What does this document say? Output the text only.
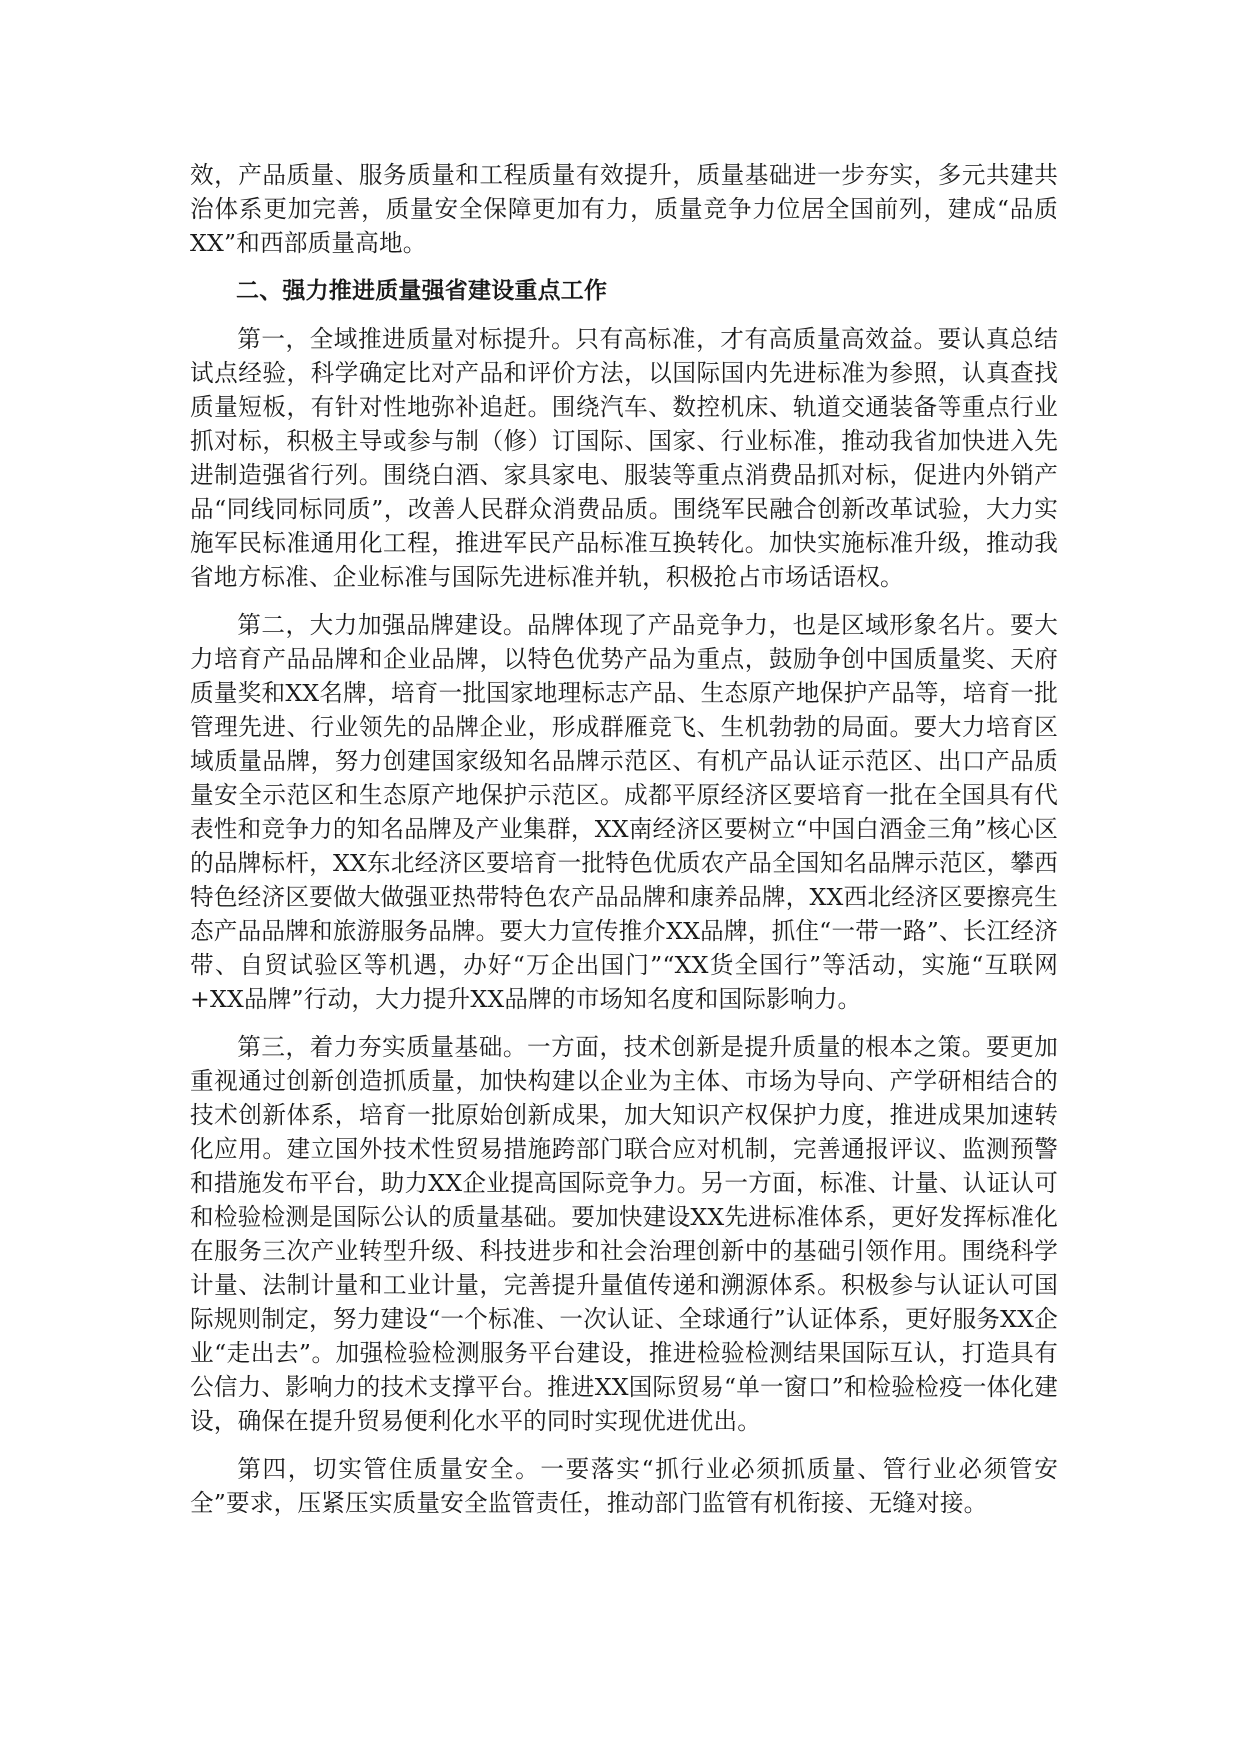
效，产品质量、服务质量和工程质量有效提升，质量基础进一步夯实，多元共建共治体系更加完善，质量安全保障更加有力，质量竞争力位居全国前列，建成“品质XX”和西部质量高地。

二、强力推进质量强省建设重点工作

第一，全域推进质量对标提升。只有高标准，才有高质量高效益。要认真总结试点经验，科学确定比对产品和评价方法，以国际国内先进标准为参照，认真查找质量短板，有针对性地弥补追赶。围绕汽车、数控机床、轨道交通装备等重点行业抓对标，积极主导或参与制（修）订国际、国家、行业标准，推动我省加快进入先进制造强省行列。围绕白酒、家具家电、服装等重点消费品抓对标，促进内外销产品“同线同标同质”，改善人民群众消费品质。围绕军民融合创新改革试验，大力实施军民标准通用化工程，推进军民产品标准互换转化。加快实施标准升级，推动我省地方标准、企业标准与国际先进标准并轨，积极抢占市场话语权。

第二，大力加强品牌建设。品牌体现了产品竞争力，也是区域形象名片。要大力培育产品品牌和企业品牌，以特色优势产品为重点，鼓励争创中国质量奖、天府质量奖和XX名牌，培育一批国家地理标志产品、生态原产地保护产品等，培育一批管理先进、行业领先的品牌企业，形成群雁竞飞、生机勃勃的局面。要大力培育区域质量品牌，努力创建国家级知名品牌示范区、有机产品认证示范区、出口产品质量安全示范区和生态原产地保护示范区。成都平原经济区要培育一批在全国具有代表性和竞争力的知名品牌及产业集群，XX南经济区要树立“中国白酒金三角”核心区的品牌标杆，XX东北经济区要培育一批特色优质农产品全国知名品牌示范区，攀西特色经济区要做大做强亚热带特色农产品品牌和康养品牌，XX西北经济区要擦亮生态产品品牌和旅游服务品牌。要大力宣传推介XX品牌，抓住“一带一路”、长江经济带、自贸试验区等机遇，办好“万企出国门”“XX货全国行”等活动，实施“互联网+XX品牌”行动，大力提升XX品牌的市场知名度和国际影响力。

第三，着力夯实质量基础。一方面，技术创新是提升质量的根本之策。要更加重视通过创新创造抓质量，加快构建以企业为主体、市场为导向、产学研相结合的技术创新体系，培育一批原始创新成果，加大知识产权保护力度，推进成果加速转化应用。建立国外技术性贸易措施跨部门联合应对机制，完善通报评议、监测预警和措施发布平台，助力XX企业提高国际竞争力。另一方面，标准、计量、认证认可和检验检测是国际公认的质量基础。要加快建设XX先进标准体系，更好发挥标准化在服务三次产业转型升级、科技进步和社会治理创新中的基础引领作用。围绕科学计量、法制计量和工业计量，完善提升量值传递和溯源体系。积极参与认证认可国际规则制定，努力建设“一个标准、一次认证、全球通行”认证体系，更好服务XX企业“走出去”。加强检验检测服务平台建设，推进检验检测结果国际互认，打造具有公信力、影响力的技术支撑平台。推进XX国际贸易“单一窗口”和检验检疫一体化建设，确保在提升贸易便利化水平的同时实现优进优出。

第四，切实管住质量安全。一要落实“抓行业必须抓质量、管行业必须管安全”要求，压紧压实质量安全监管责任，推动部门监管有机衔接、无缝对接。
